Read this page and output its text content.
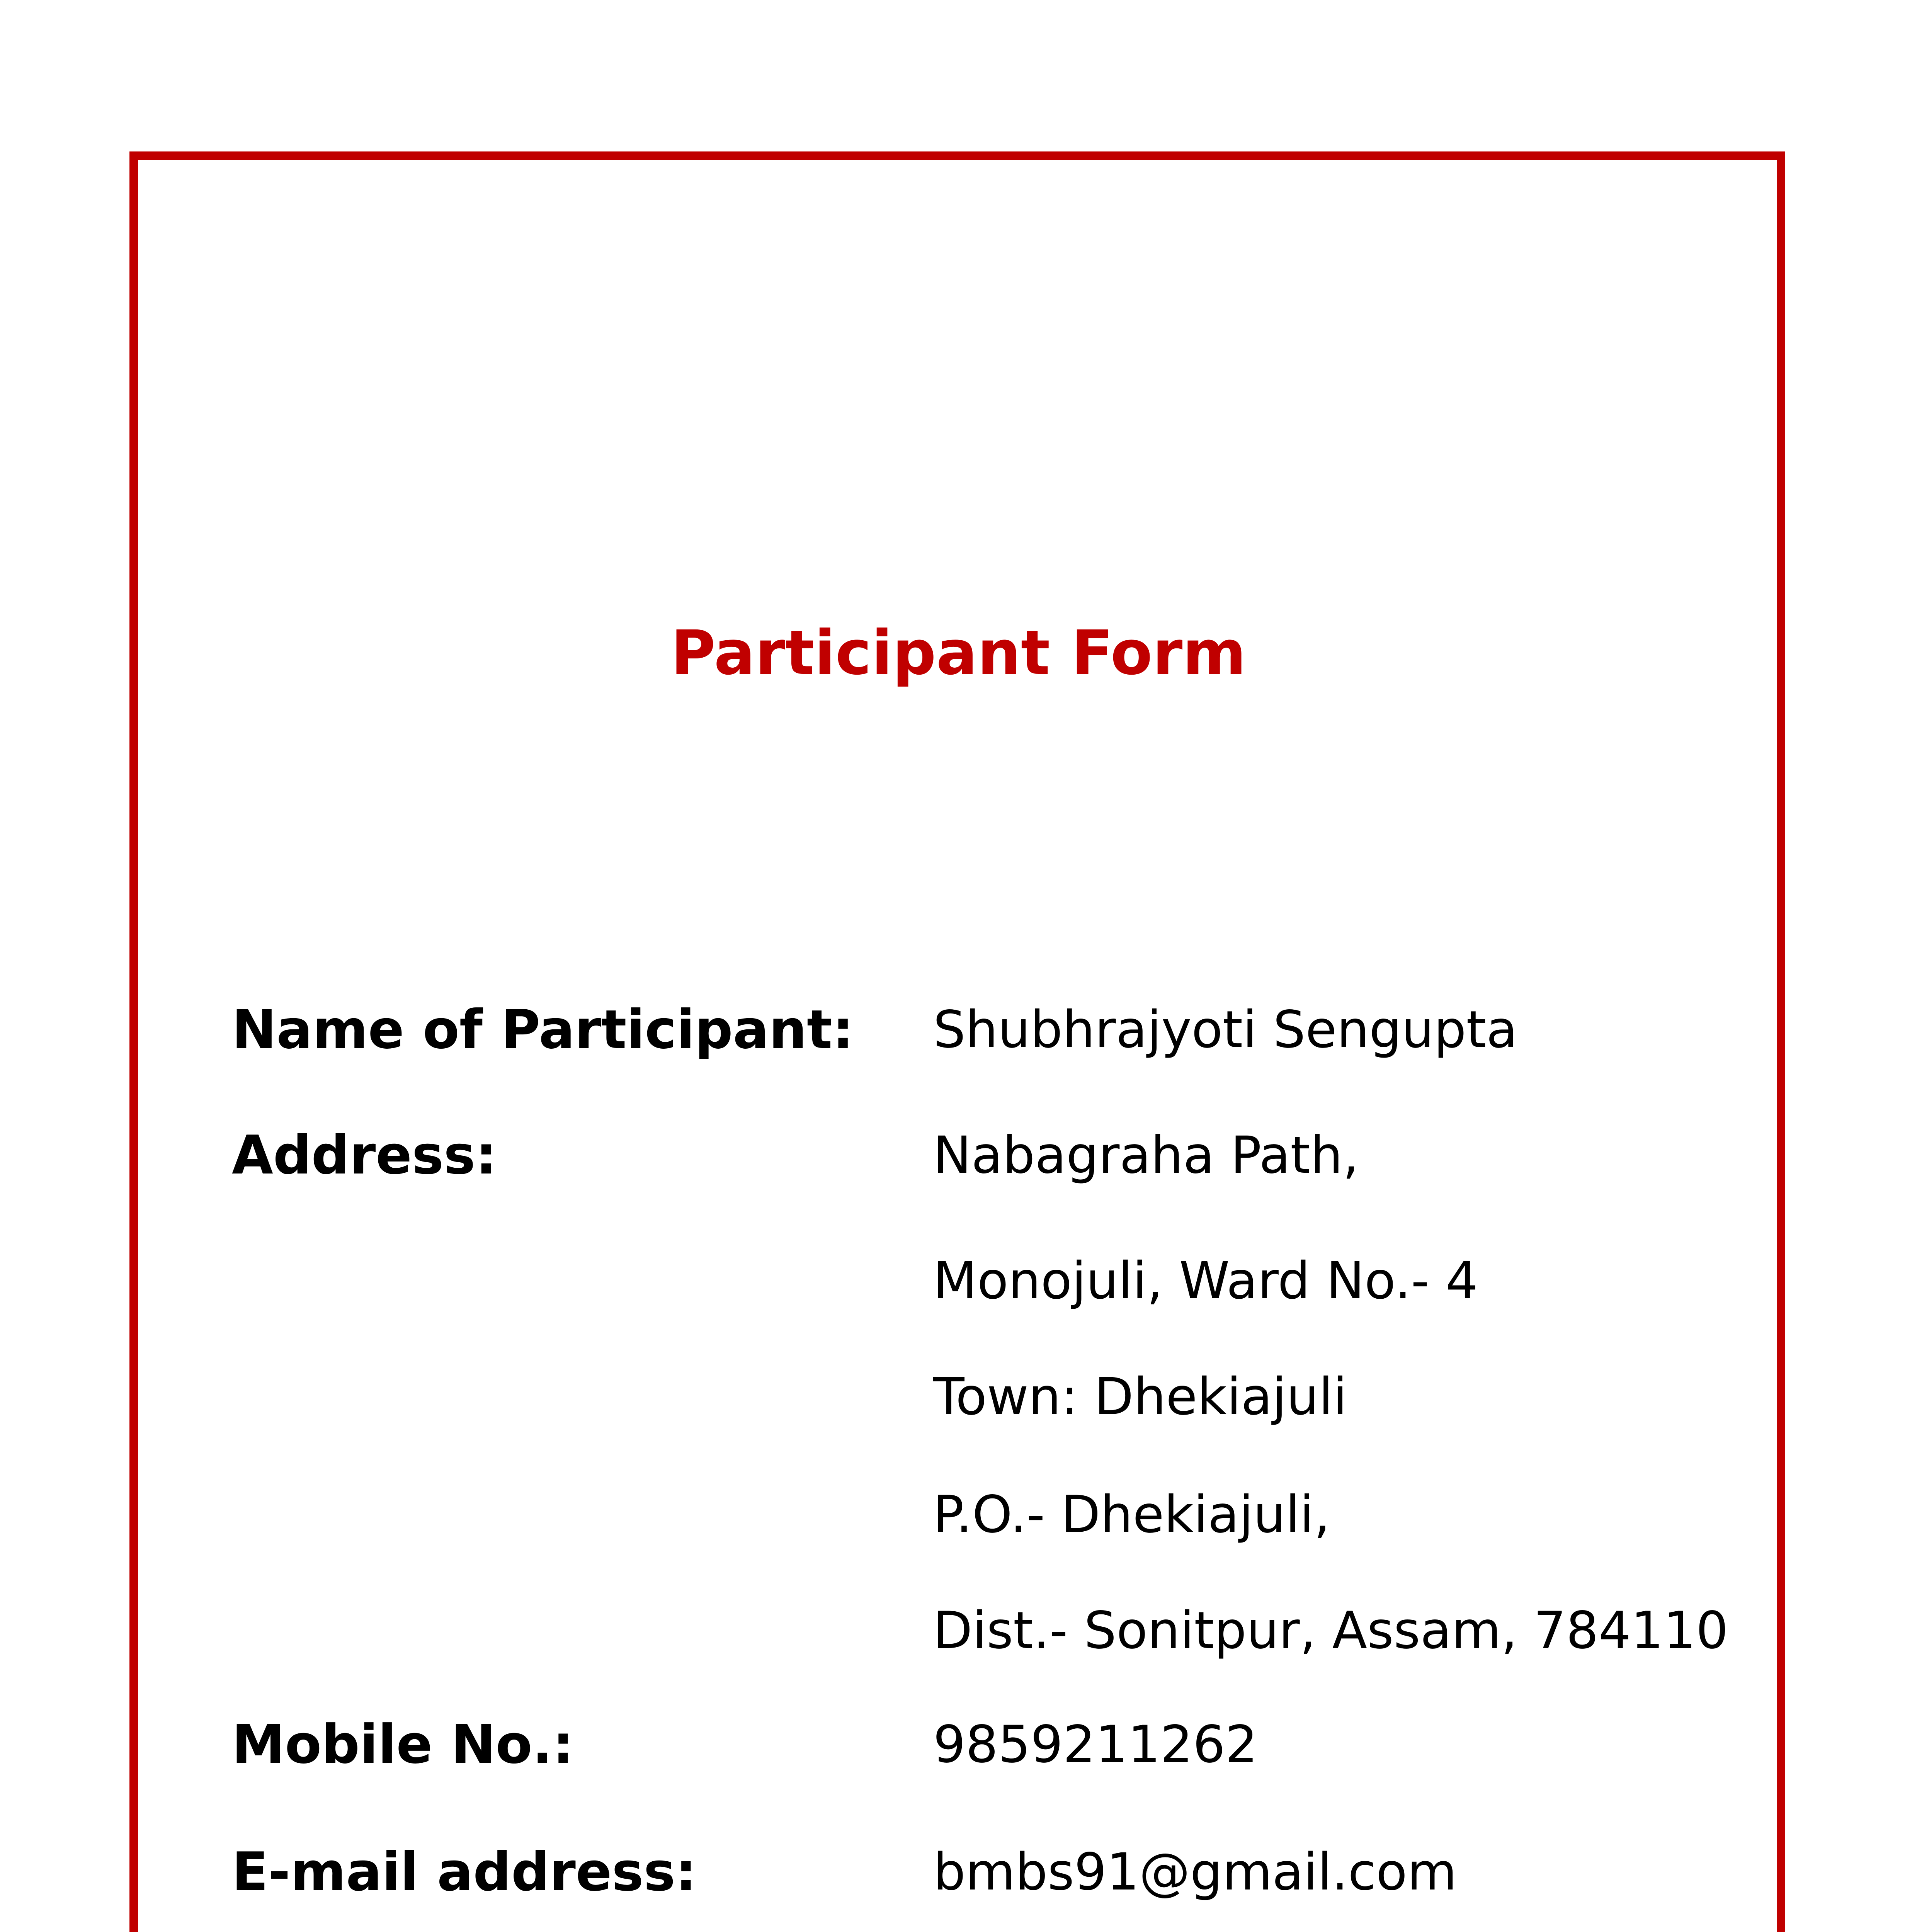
Participant Form
Name of Participant: Shubhrajyoti Sengupta
Address:	Nabagraha Path,
Monojuli, Ward No.- 4
Town: Dhekiajuli
P.O.- Dhekiajuli,
Dist.- Sonitpur, Assam, 784110
Mobile No.:	9859211262
E-mail address:	bmbs91@gmail.com
